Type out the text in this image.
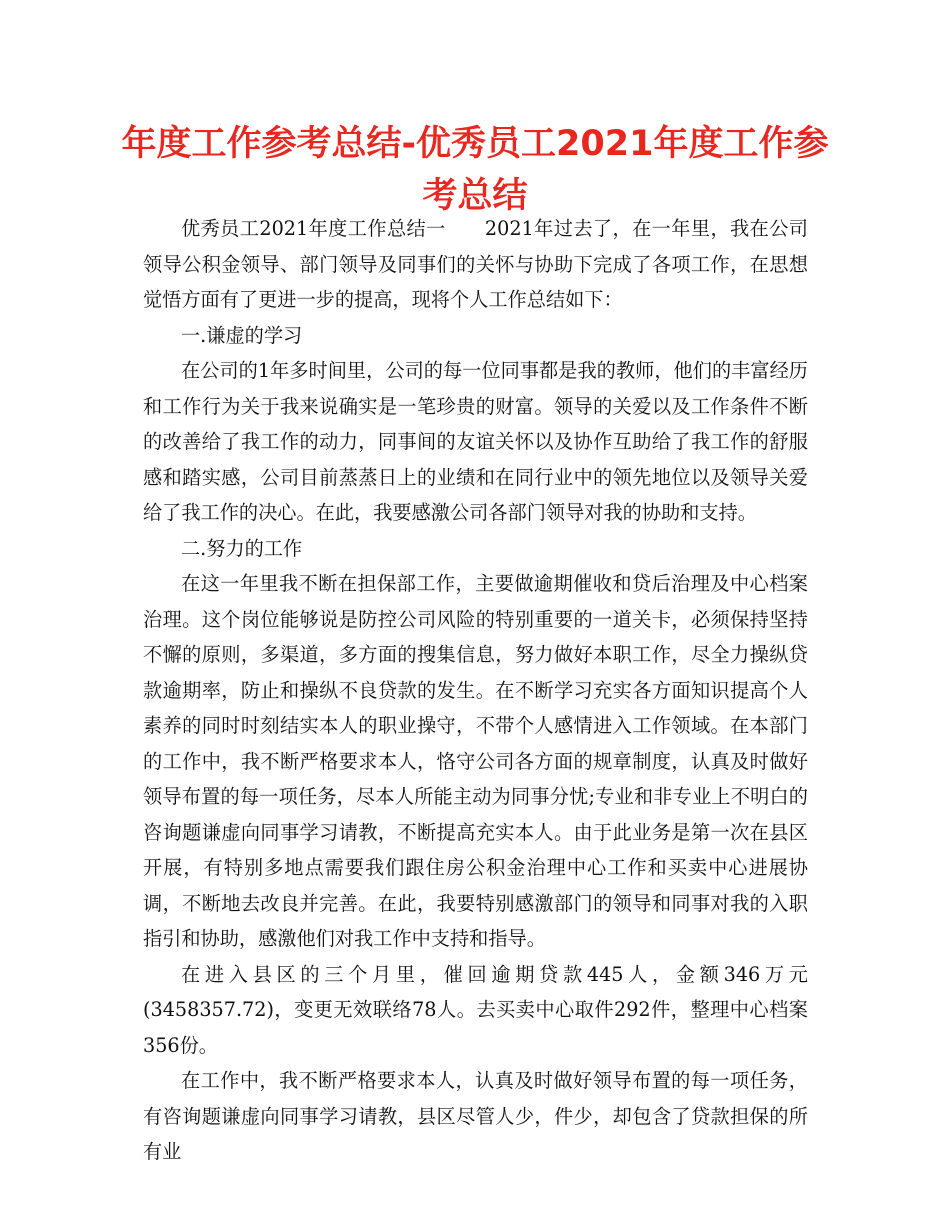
年度工作参考总结-优秀员工2021年度工作参考总结

优秀员工2021年度工作总结一　　2021年过去了，在一年里，我在公司领导公积金领导、部门领导及同事们的关怀与协助下完成了各项工作，在思想觉悟方面有了更进一步的提高，现将个人工作总结如下：

一.谦虚的学习

在公司的1年多时间里，公司的每一位同事都是我的教师，他们的丰富经历和工作行为关于我来说确实是一笔珍贵的财富。领导的关爱以及工作条件不断的改善给了我工作的动力，同事间的友谊关怀以及协作互助给了我工作的舒服感和踏实感，公司目前蒸蒸日上的业绩和在同行业中的领先地位以及领导关爱给了我工作的决心。在此，我要感激公司各部门领导对我的协助和支持。

二.努力的工作

在这一年里我不断在担保部工作，主要做逾期催收和贷后治理及中心档案治理。这个岗位能够说是防控公司风险的特别重要的一道关卡，必须保持坚持不懈的原则，多渠道，多方面的搜集信息，努力做好本职工作，尽全力操纵贷款逾期率，防止和操纵不良贷款的发生。在不断学习充实各方面知识提高个人素养的同时时刻结实本人的职业操守，不带个人感情进入工作领域。在本部门的工作中，我不断严格要求本人，恪守公司各方面的规章制度，认真及时做好领导布置的每一项任务，尽本人所能主动为同事分忧;专业和非专业上不明白的咨询题谦虚向同事学习请教，不断提高充实本人。由于此业务是第一次在县区开展，有特别多地点需要我们跟住房公积金治理中心工作和买卖中心进展协调，不断地去改良并完善。在此，我要特别感激部门的领导和同事对我的入职指引和协助，感激他们对我工作中支持和指导。

在进入县区的三个月里，催回逾期贷款445人，金额346万元(3458357.72)，变更无效联络78人。去买卖中心取件292件，整理中心档案356份。

在工作中，我不断严格要求本人，认真及时做好领导布置的每一项任务，有咨询题谦虚向同事学习请教，县区尽管人少，件少，却包含了贷款担保的所有业
